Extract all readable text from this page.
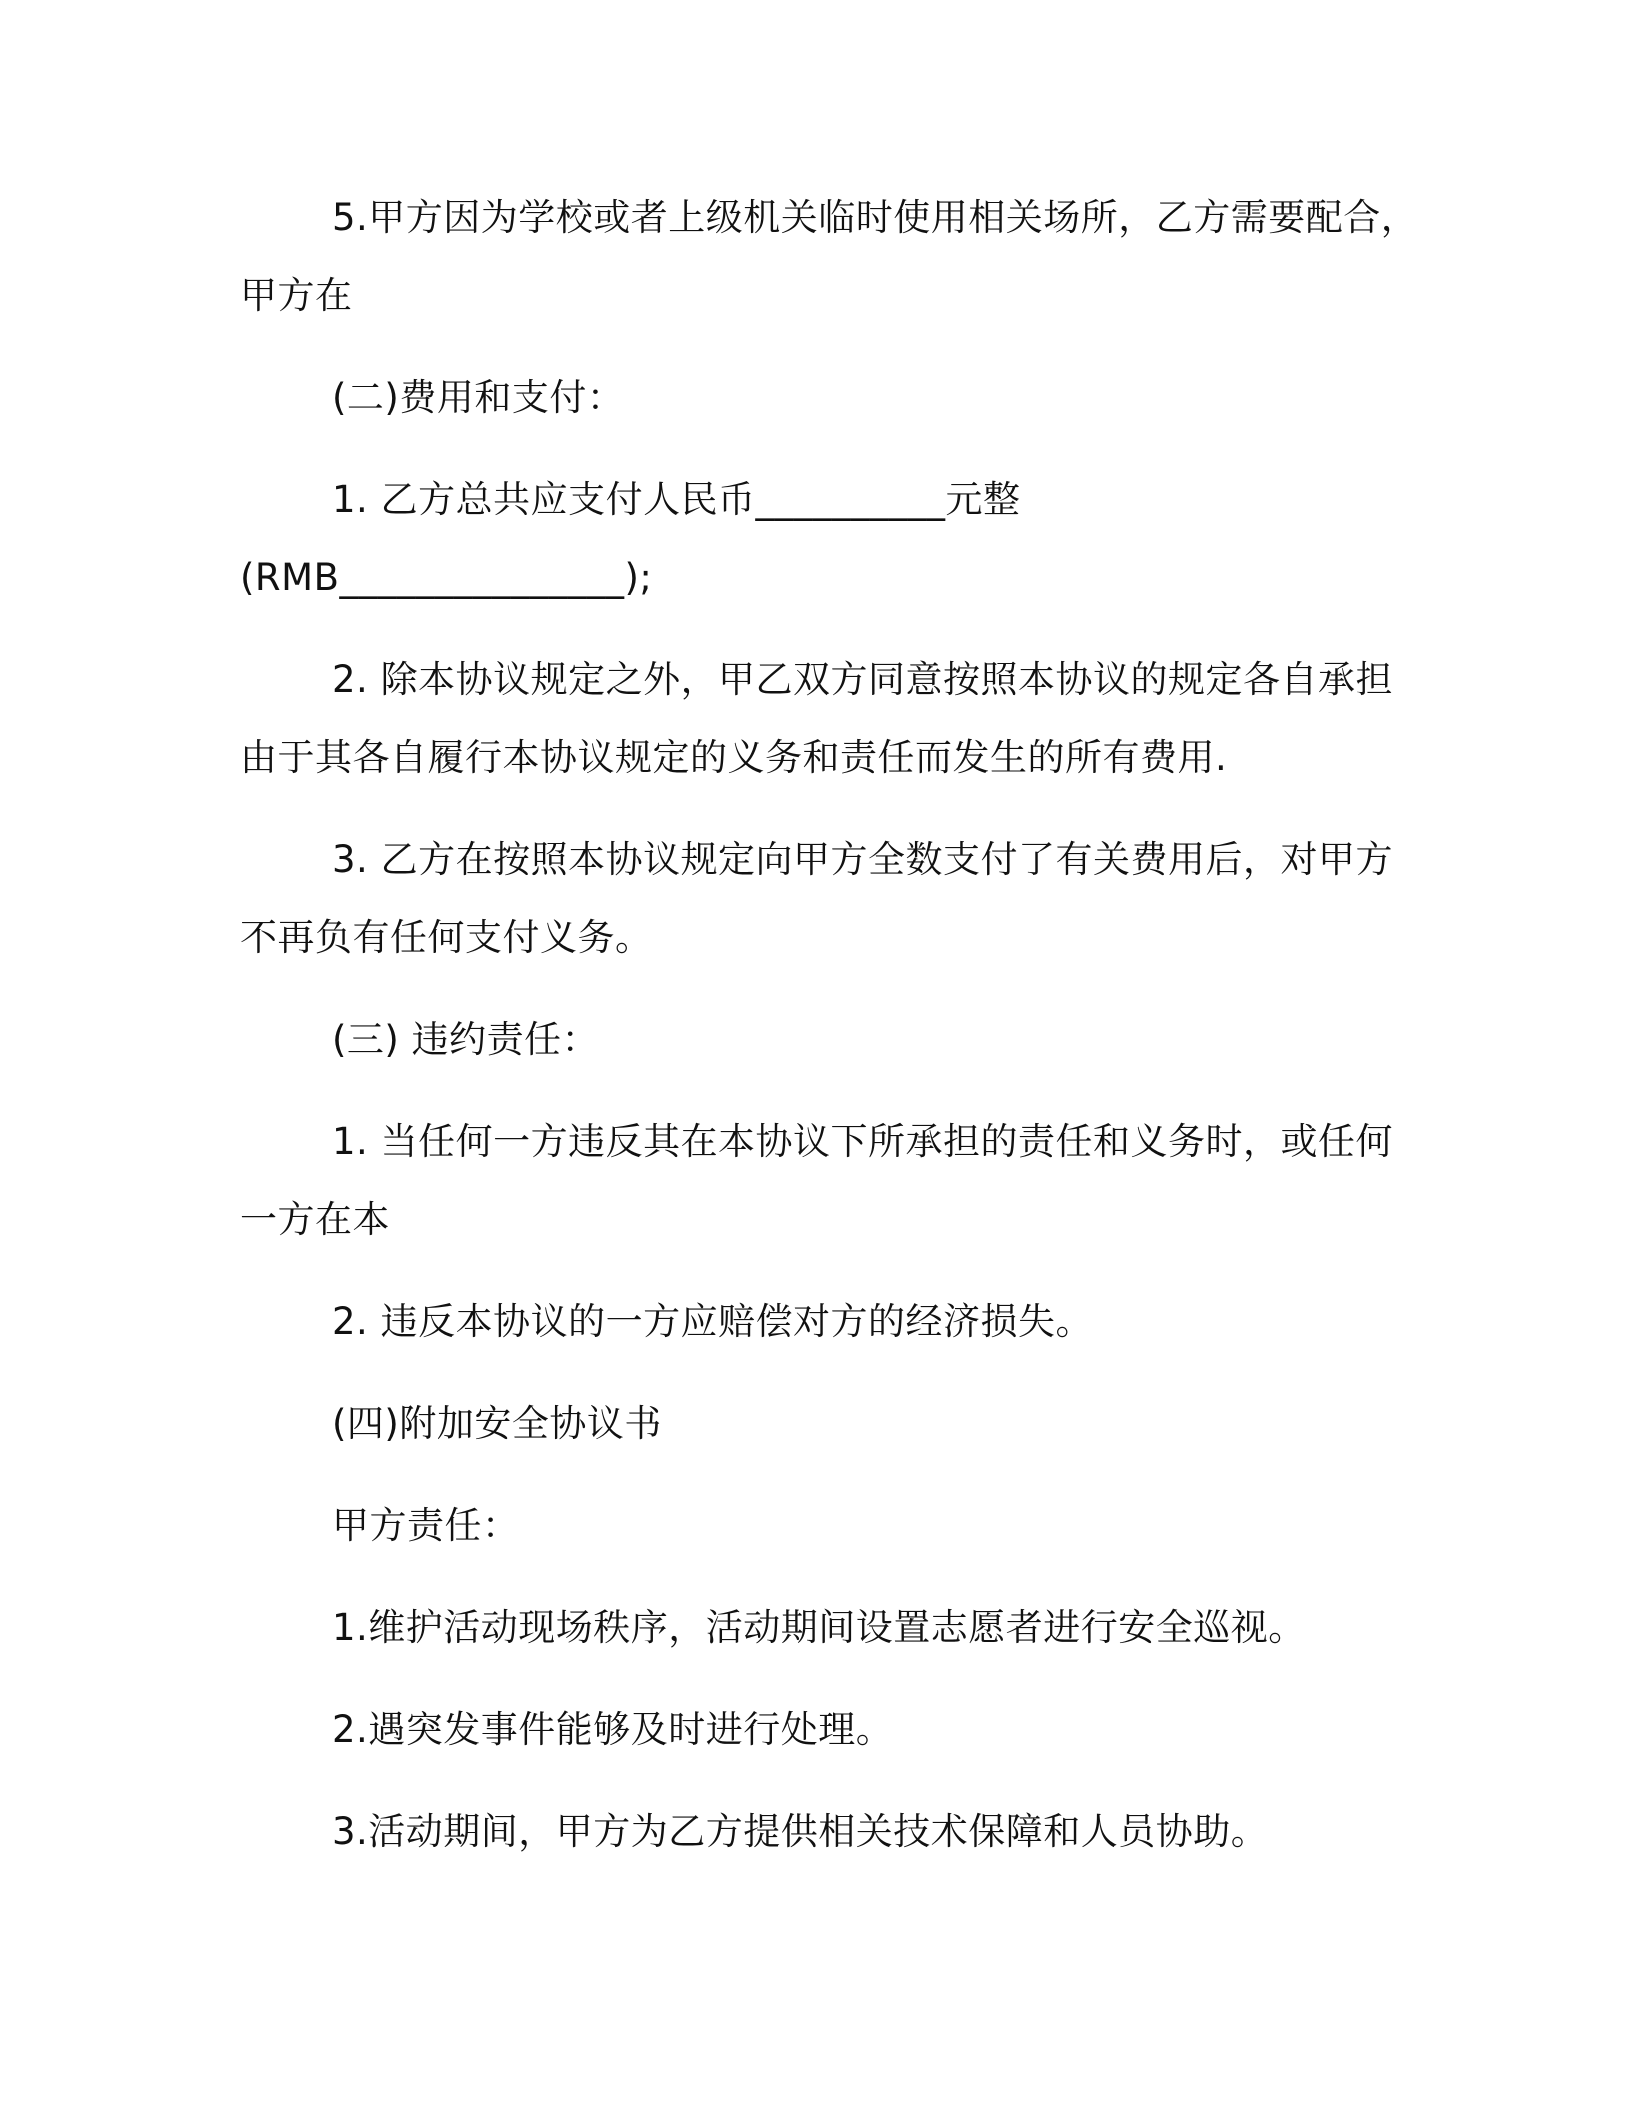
5.甲方因为学校或者上级机关临时使用相关场所，乙方需要配合，
甲方在
(二)费用和支付：
1. 乙方总共应支付人民币__________元整
(RMB_______________);
2. 除本协议规定之外，甲乙双方同意按照本协议的规定各自承担
由于其各自履行本协议规定的义务和责任而发生的所有费用.
3. 乙方在按照本协议规定向甲方全数支付了有关费用后，对甲方
不再负有任何支付义务。
(三) 违约责任：
1. 当任何一方违反其在本协议下所承担的责任和义务时，或任何
一方在本
2. 违反本协议的一方应赔偿对方的经济损失。
(四)附加安全协议书
甲方责任：
1.维护活动现场秩序，活动期间设置志愿者进行安全巡视。
2.遇突发事件能够及时进行处理。
3.活动期间，甲方为乙方提供相关技术保障和人员协助。
